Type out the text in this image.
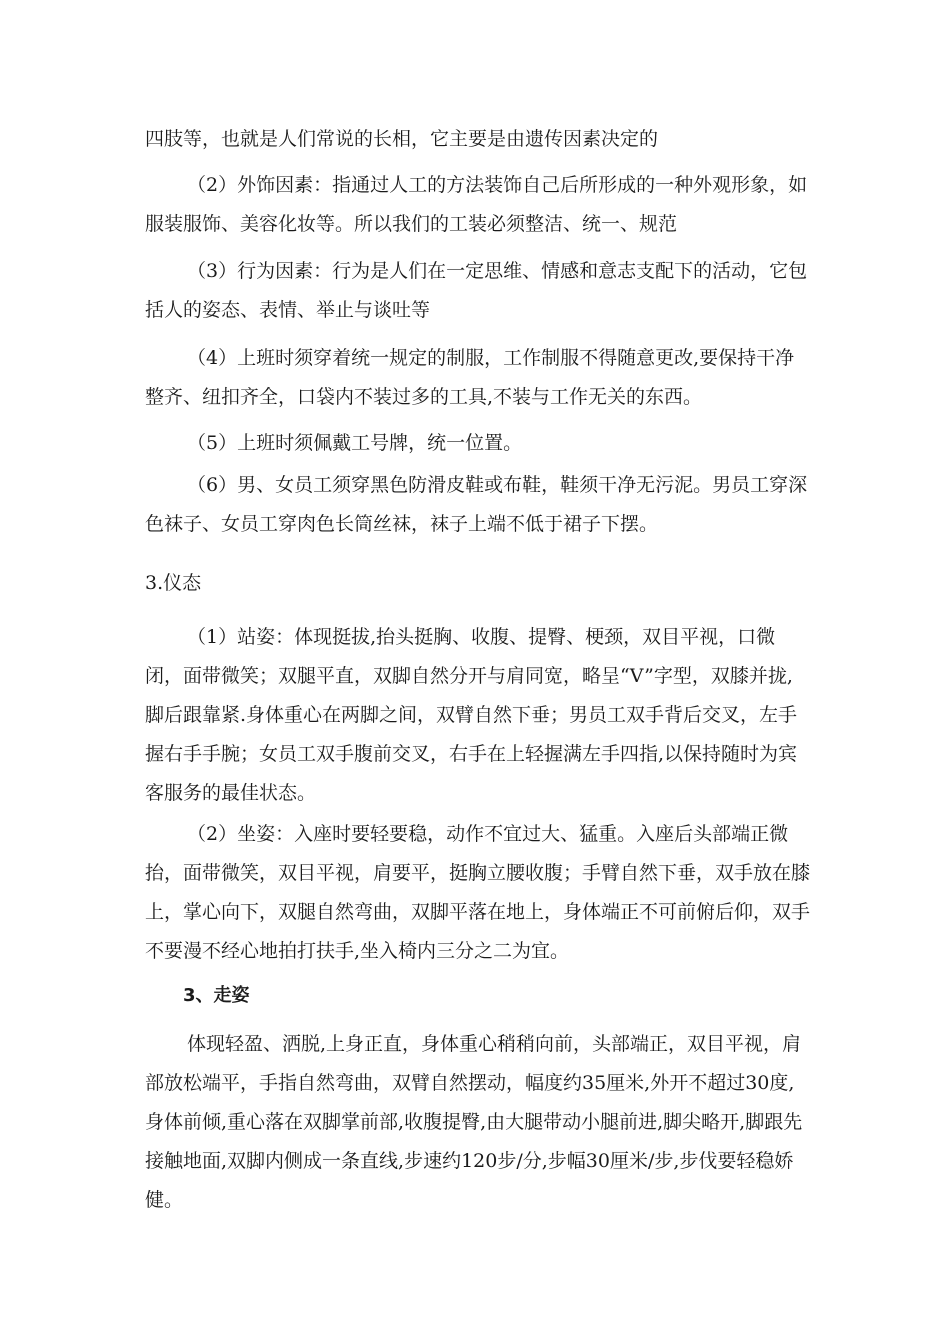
四肢等，也就是人们常说的长相，它主要是由遗传因素决定的
（2）外饰因素：指通过人工的方法装饰自己后所形成的一种外观形象，如服装服饰、美容化妆等。所以我们的工装必须整洁、统一、规范
（3）行为因素：行为是人们在一定思维、情感和意志支配下的活动，它包括人的姿态、表情、举止与谈吐等
（4）上班时须穿着统一规定的制服，工作制服不得随意更改,要保持干净整齐、纽扣齐全，口袋内不装过多的工具,不装与工作无关的东西。
（5）上班时须佩戴工号牌，统一位置。
（6）男、女员工须穿黑色防滑皮鞋或布鞋，鞋须干净无污泥。男员工穿深色袜子、女员工穿肉色长筒丝袜，袜子上端不低于裙子下摆。
3.仪态
（1）站姿：体现挺拔,抬头挺胸、收腹、提臀、梗颈，双目平视，口微闭，面带微笑；双腿平直，双脚自然分开与肩同宽，略呈“V”字型，双膝并拢,脚后跟靠紧.身体重心在两脚之间，双臂自然下垂；男员工双手背后交叉，左手握右手手腕；女员工双手腹前交叉，右手在上轻握满左手四指,以保持随时为宾客服务的最佳状态。
（2）坐姿：入座时要轻要稳，动作不宜过大、猛重。入座后头部端正微抬，面带微笑，双目平视，肩要平，挺胸立腰收腹；手臂自然下垂，双手放在膝上，掌心向下，双腿自然弯曲，双脚平落在地上，身体端正不可前俯后仰，双手不要漫不经心地拍打扶手,坐入椅内三分之二为宜。
3、走姿
体现轻盈、洒脱,上身正直，身体重心稍稍向前，头部端正，双目平视，肩部放松端平，手指自然弯曲，双臂自然摆动，幅度约35厘米,外开不超过30度,身体前倾,重心落在双脚掌前部,收腹提臀,由大腿带动小腿前进,脚尖略开,脚跟先接触地面,双脚内侧成一条直线,步速约120步/分,步幅30厘米/步,步伐要轻稳娇健。
